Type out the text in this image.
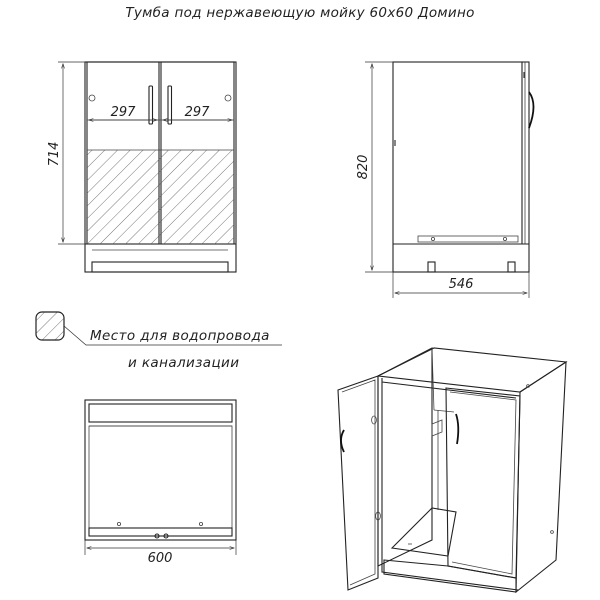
Тумба под нержавеющую мойку 60х60 Домино
297	297
714
820
546
Место для водопровода
и канализации
600
